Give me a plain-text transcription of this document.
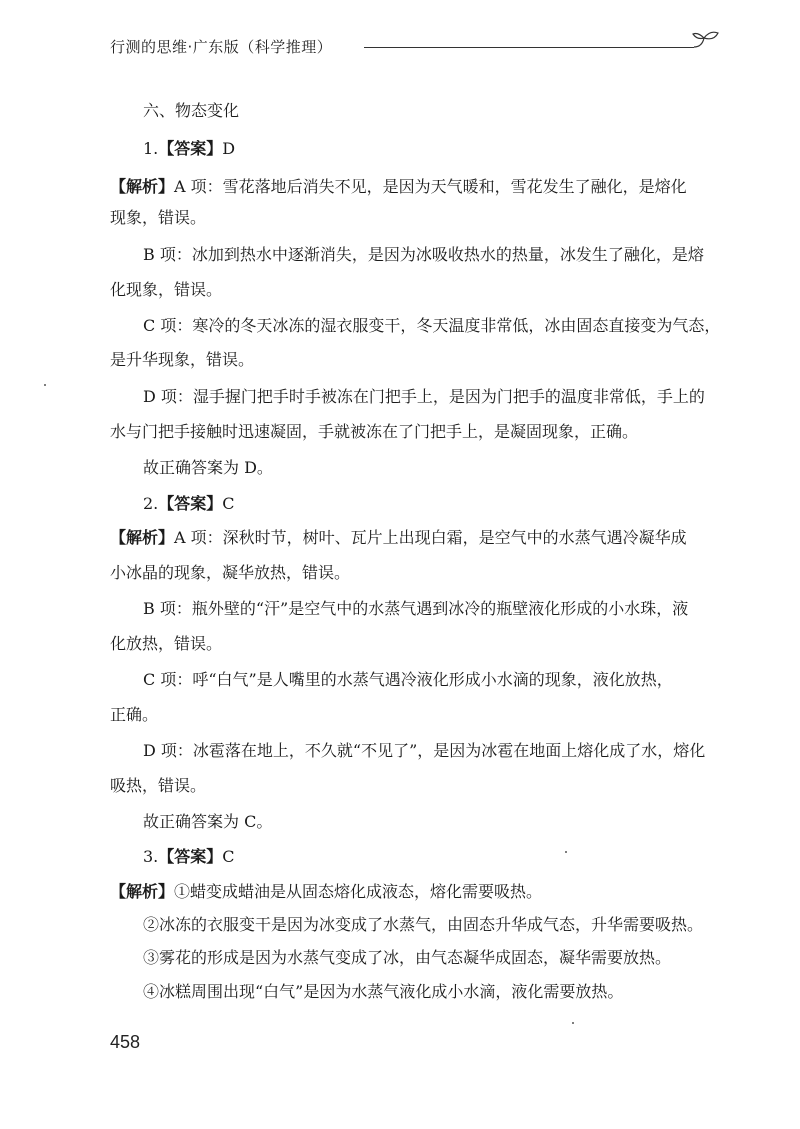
行测的思维·广东版（科学推理）
六、物态变化
1.【答案】D
【解析】A 项：雪花落地后消失不见，是因为天气暖和，雪花发生了融化，是熔化
现象，错误。
B 项：冰加到热水中逐渐消失，是因为冰吸收热水的热量，冰发生了融化，是熔
化现象，错误。
C 项：寒冷的冬天冰冻的湿衣服变干，冬天温度非常低，冰由固态直接变为气态，
是升华现象，错误。
D 项：湿手握门把手时手被冻在门把手上，是因为门把手的温度非常低，手上的
水与门把手接触时迅速凝固，手就被冻在了门把手上，是凝固现象，正确。
故正确答案为 D。
2.【答案】C
【解析】A 项：深秋时节，树叶、瓦片上出现白霜，是空气中的水蒸气遇冷凝华成
小冰晶的现象，凝华放热，错误。
B 项：瓶外壁的“汗”是空气中的水蒸气遇到冰冷的瓶壁液化形成的小水珠，液
化放热，错误。
C 项：呼“白气”是人嘴里的水蒸气遇冷液化形成小水滴的现象，液化放热，
正确。
D 项：冰雹落在地上，不久就“不见了”，是因为冰雹在地面上熔化成了水，熔化
吸热，错误。
故正确答案为 C。
3.【答案】C
【解析】①蜡变成蜡油是从固态熔化成液态，熔化需要吸热。
②冰冻的衣服变干是因为冰变成了水蒸气，由固态升华成气态，升华需要吸热。
③雾花的形成是因为水蒸气变成了冰，由气态凝华成固态，凝华需要放热。
④冰糕周围出现“白气”是因为水蒸气液化成小水滴，液化需要放热。
458
